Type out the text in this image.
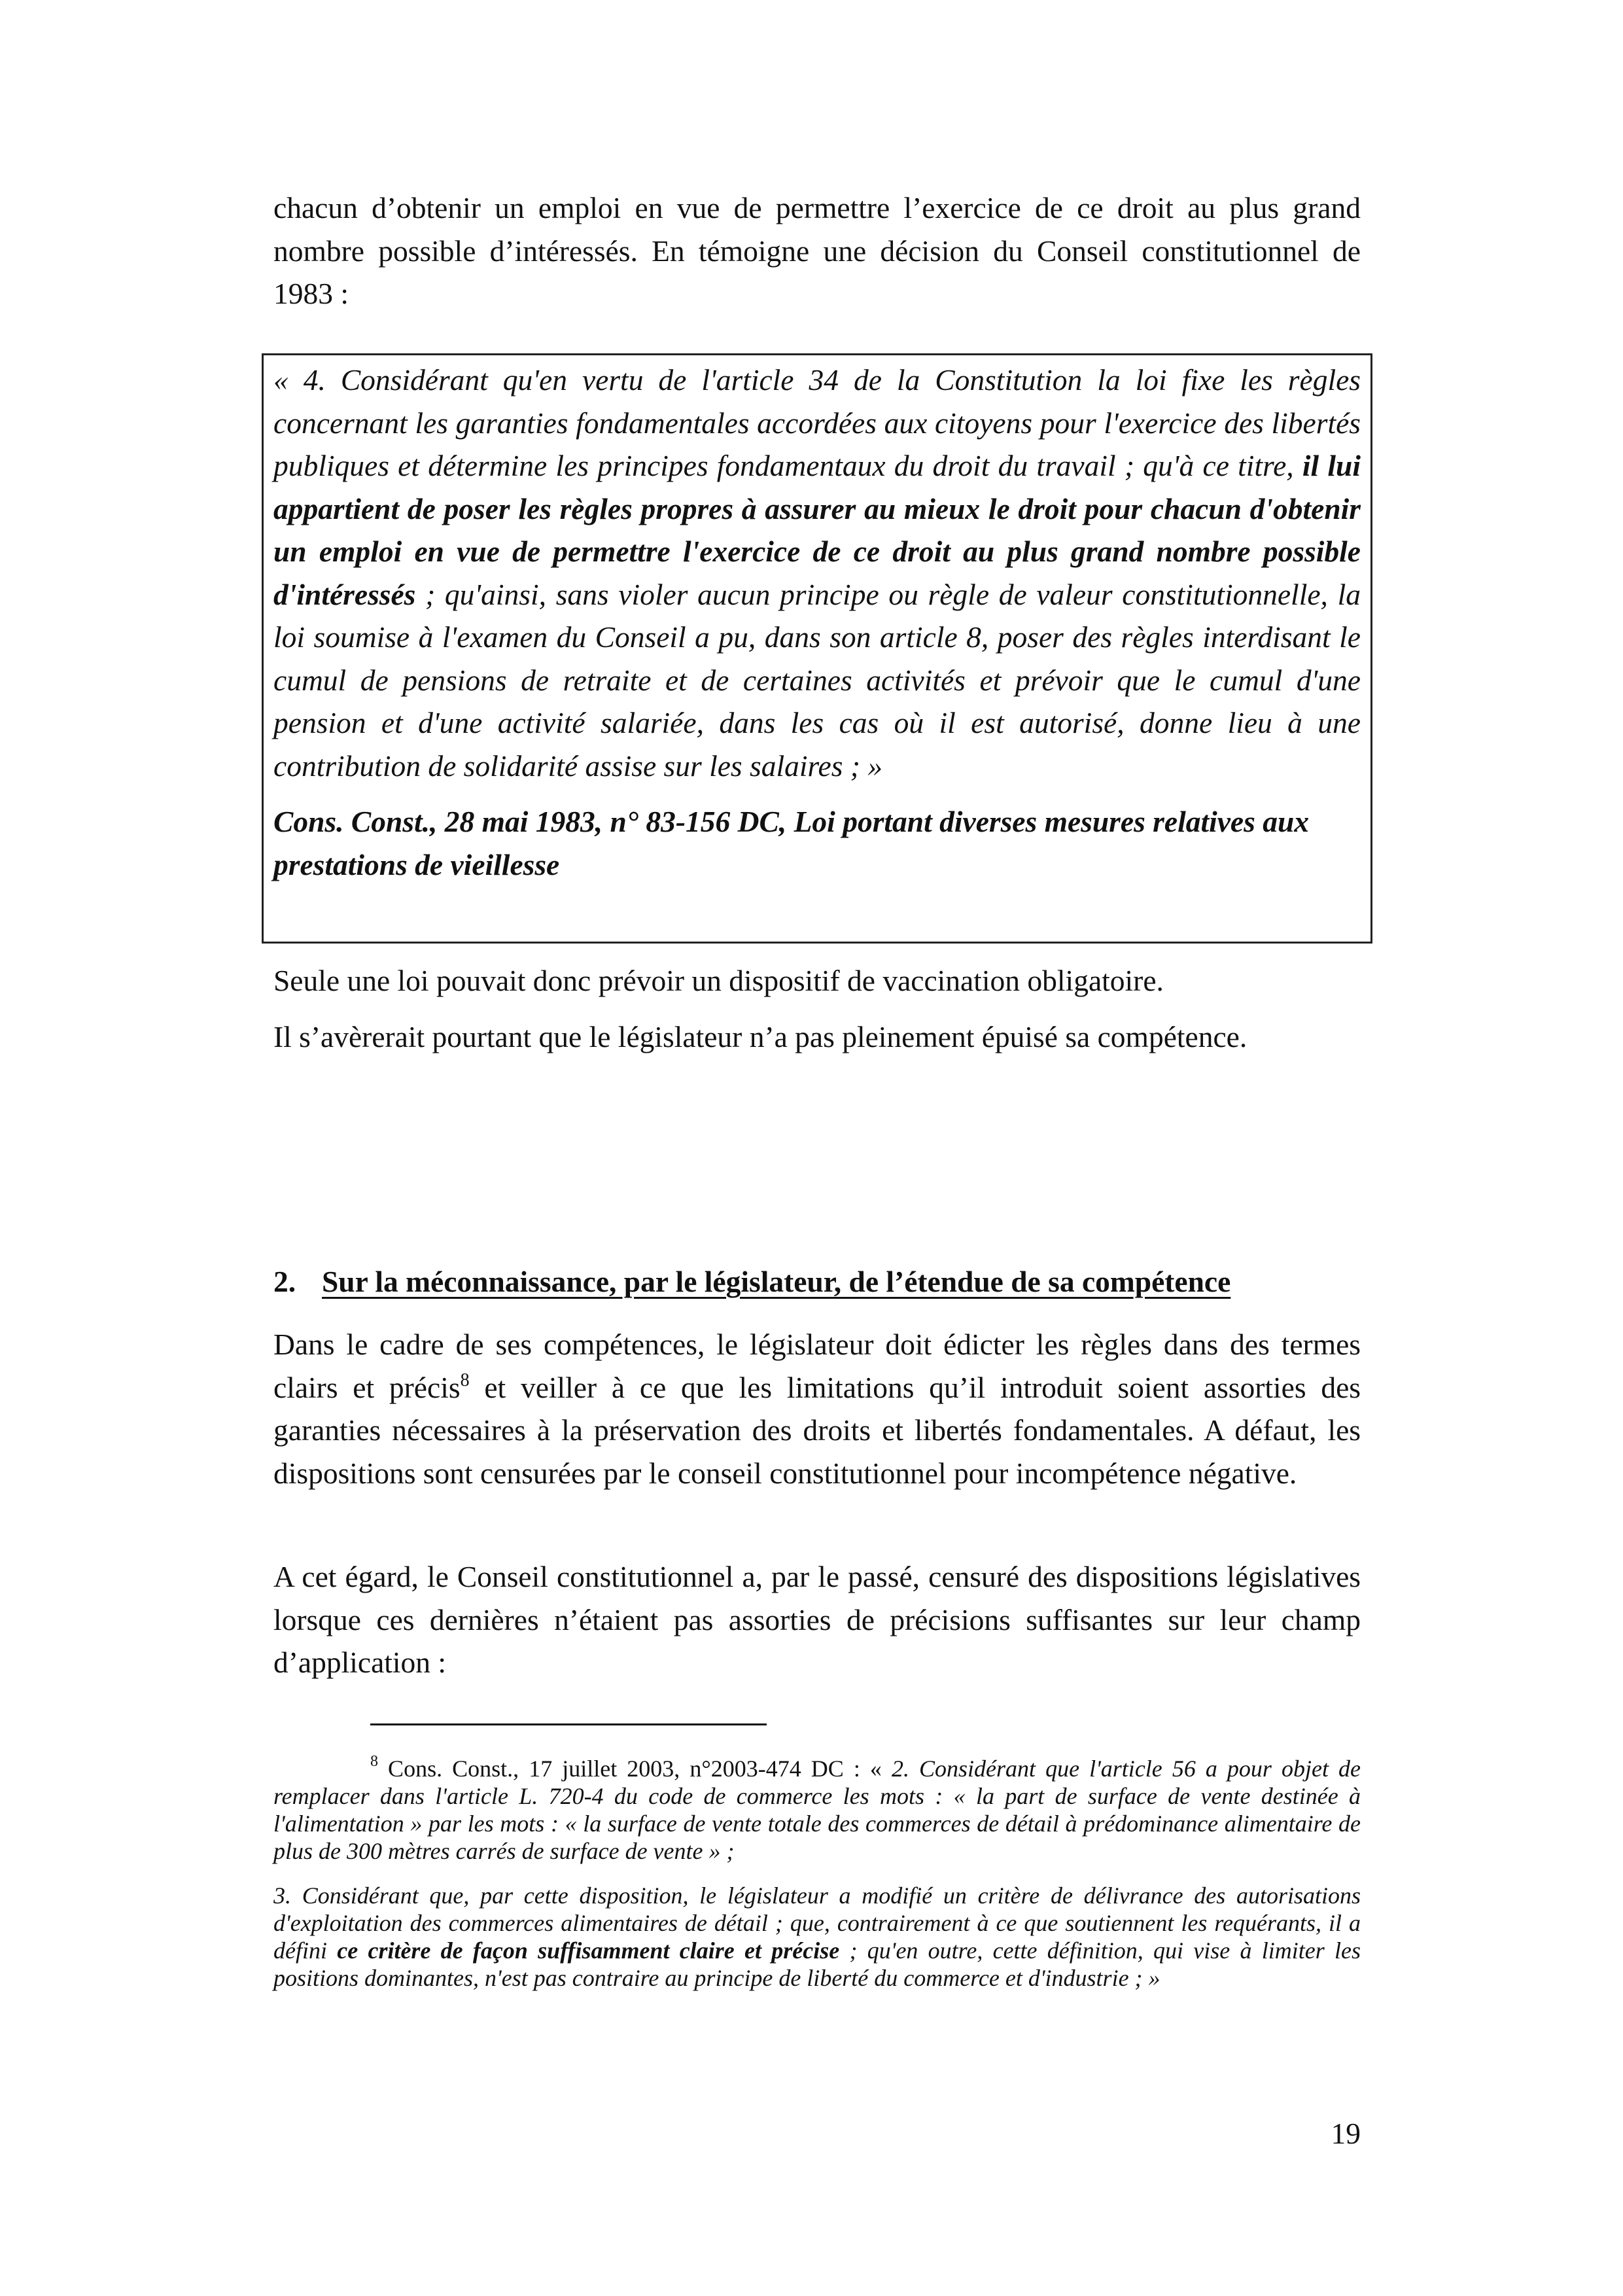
chacun d’obtenir un emploi en vue de permettre l’exercice de ce droit au plus grand nombre possible d’intéressés. En témoigne une décision du Conseil constitutionnel de 1983 :

« 4. Considérant qu'en vertu de l'article 34 de la Constitution la loi fixe les règles concernant les garanties fondamentales accordées aux citoyens pour l'exercice des libertés publiques et détermine les principes fondamentaux du droit du travail ; qu'à ce titre, il lui appartient de poser les règles propres à assurer au mieux le droit pour chacun d'obtenir un emploi en vue de permettre l'exercice de ce droit au plus grand nombre possible d'intéressés ; qu'ainsi, sans violer aucun principe ou règle de valeur constitutionnelle, la loi soumise à l'examen du Conseil a pu, dans son article 8, poser des règles interdisant le cumul de pensions de retraite et de certaines activités et prévoir que le cumul d'une pension et d'une activité salariée, dans les cas où il est autorisé, donne lieu à une contribution de solidarité assise sur les salaires ; »

Cons. Const., 28 mai 1983, n° 83-156 DC, Loi portant diverses mesures relatives aux prestations de vieillesse

Seule une loi pouvait donc prévoir un dispositif de vaccination obligatoire.

Il s’avèrerait pourtant que le législateur n’a pas pleinement épuisé sa compétence.

2. Sur la méconnaissance, par le législateur, de l’étendue de sa compétence

Dans le cadre de ses compétences, le législateur doit édicter les règles dans des termes clairs et précis$^8$ et veiller à ce que les limitations qu’il introduit soient assorties des garanties nécessaires à la préservation des droits et libertés fondamentales. A défaut, les dispositions sont censurées par le conseil constitutionnel pour incompétence négative.

A cet égard, le Conseil constitutionnel a, par le passé, censuré des dispositions législatives lorsque ces dernières n’étaient pas assorties de précisions suffisantes sur leur champ d’application :

$^8$ Cons. Const., 17 juillet 2003, n°2003-474 DC : « 2. Considérant que l'article 56 a pour objet de remplacer dans l'article L. 720-4 du code de commerce les mots : « la part de surface de vente destinée à l'alimentation » par les mots : « la surface de vente totale des commerces de détail à prédominance alimentaire de plus de 300 mètres carrés de surface de vente » ;

3. Considérant que, par cette disposition, le législateur a modifié un critère de délivrance des autorisations d'exploitation des commerces alimentaires de détail ; que, contrairement à ce que soutiennent les requérants, il a défini ce critère de façon suffisamment claire et précise ; qu'en outre, cette définition, qui vise à limiter les positions dominantes, n'est pas contraire au principe de liberté du commerce et d'industrie ; »

19
